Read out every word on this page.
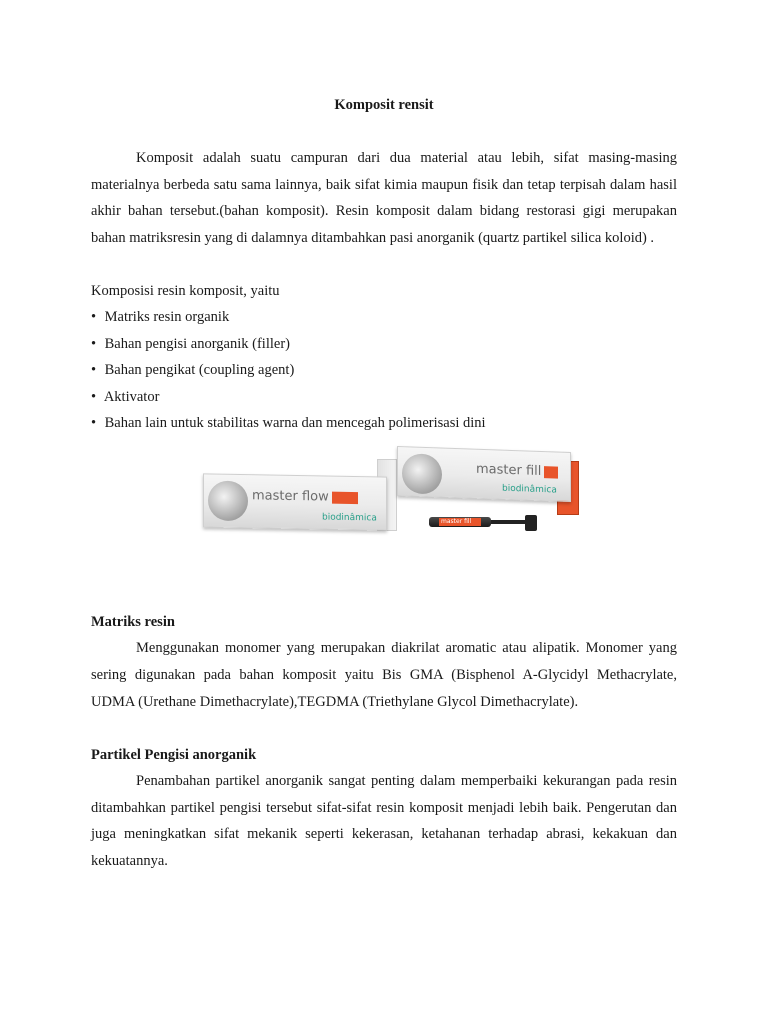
Komposit rensit

Komposit adalah suatu campuran dari dua material atau lebih, sifat masing-masing materialnya berbeda satu sama lainnya, baik sifat kimia maupun fisik dan tetap terpisah dalam hasil akhir bahan tersebut.(bahan komposit). Resin komposit dalam bidang restorasi gigi merupakan bahan matriksresin yang di dalamnya ditambahkan pasi anorganik (quartz partikel silica koloid) .

Komposisi resin komposit, yaitu

• Matriks resin organik
• Bahan pengisi anorganik (filler)
• Bahan pengikat (coupling agent)
• Aktivator
• Bahan lain untuk stabilitas warna dan mencegah polimerisasi dini
master flow
biodinâmica
master fill
biodinâmica
master fill

Matriks resin

Menggunakan monomer yang merupakan diakrilat aromatic atau alipatik. Monomer yang sering digunakan pada bahan komposit yaitu Bis GMA (Bisphenol A-Glycidyl Methacrylate, UDMA (Urethane Dimethacrylate),TEGDMA (Triethylane Glycol Dimethacrylate).

Partikel Pengisi anorganik

Penambahan partikel anorganik sangat penting dalam memperbaiki kekurangan pada resin ditambahkan partikel pengisi tersebut sifat-sifat resin komposit menjadi lebih baik. Pengerutan dan juga meningkatkan sifat mekanik seperti kekerasan, ketahanan terhadap abrasi, kekakuan dan kekuatannya.
